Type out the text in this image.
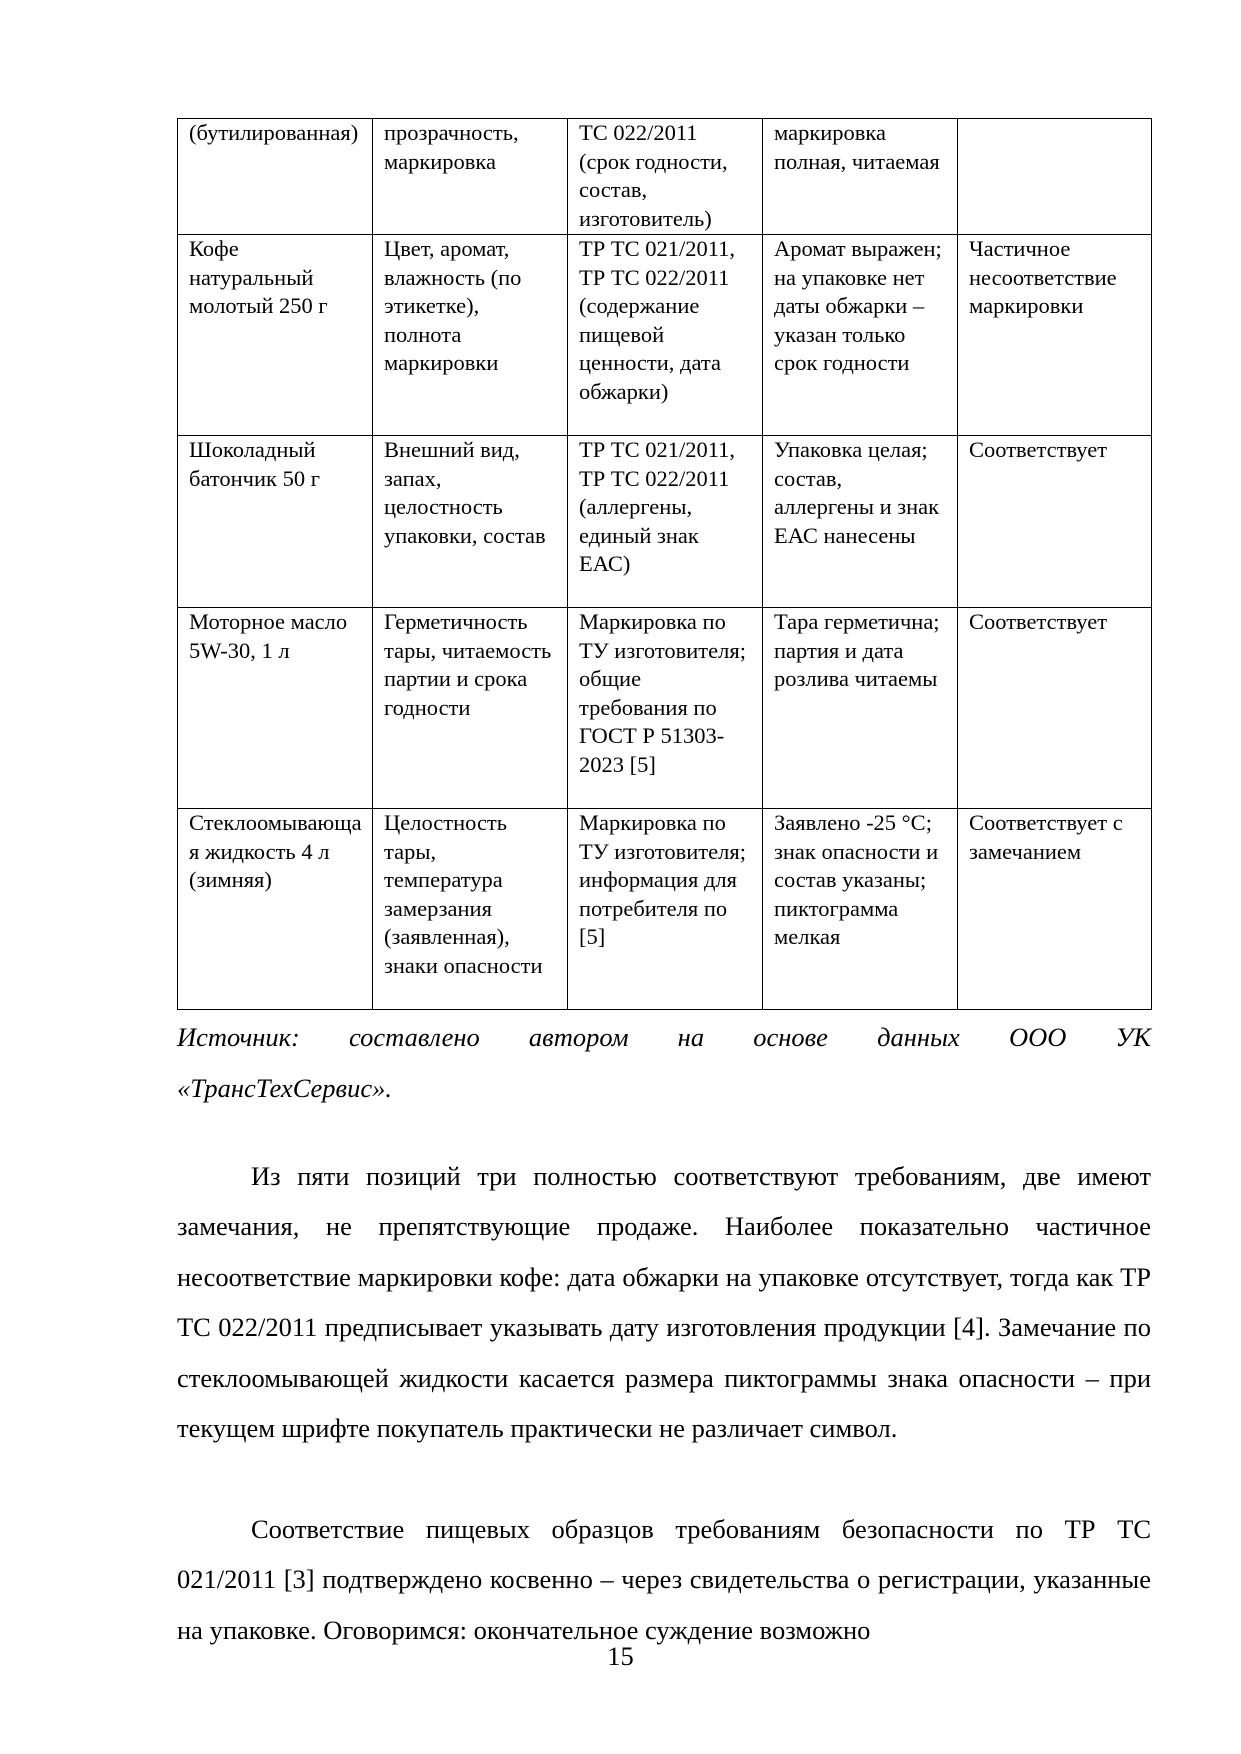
(бутилированная)	прозрачность, маркировка	ТС 022/2011 (срок годности, состав, изготовитель)	маркировка полная, читаемая	
Кофе натуральный молотый 250 г	Цвет, аромат, влажность (по этикетке), полнота маркировки	ТР ТС 021/2011, ТР ТС 022/2011 (содержание пищевой ценности, дата обжарки)	Аромат выражен; на упаковке нет даты обжарки – указан только срок годности	Частичное несоответствие маркировки
Шоколадный батончик 50 г	Внешний вид, запах, целостность упаковки, состав	ТР ТС 021/2011, ТР ТС 022/2011 (аллергены, единый знак ЕАС)	Упаковка целая; состав, аллергены и знак ЕАС нанесены	Соответствует
Моторное масло 5W-30, 1 л	Герметичность тары, читаемость партии и срока годности	Маркировка по ТУ изготовителя; общие требования по ГОСТ Р 51303-2023 [5]	Тара герметична; партия и дата розлива читаемы	Соответствует
Стеклоомывающая жидкость 4 л (зимняя)	Целостность тары, температура замерзания (заявленная), знаки опасности	Маркировка по ТУ изготовителя; информация для потребителя по [5]	Заявлено -25 °С; знак опасности и состав указаны; пиктограмма мелкая	Соответствует с замечанием
Источник: составлено автором на основе данных ООО УК
«ТрансТехСервис».

Из пяти позиций три полностью соответствуют требованиям, две имеют замечания, не препятствующие продаже. Наиболее показательно частичное несоответствие маркировки кофе: дата обжарки на упаковке отсутствует, тогда как ТР ТС 022/2011 предписывает указывать дату изготовления продукции [4]. Замечание по стеклоомывающей жидкости касается размера пиктограммы знака опасности – при текущем шрифте покупатель практически не различает символ.

Соответствие пищевых образцов требованиям безопасности по ТР ТС 021/2011 [3] подтверждено косвенно – через свидетельства о регистрации, указанные на упаковке. Оговоримся: окончательное суждение возможно

15
